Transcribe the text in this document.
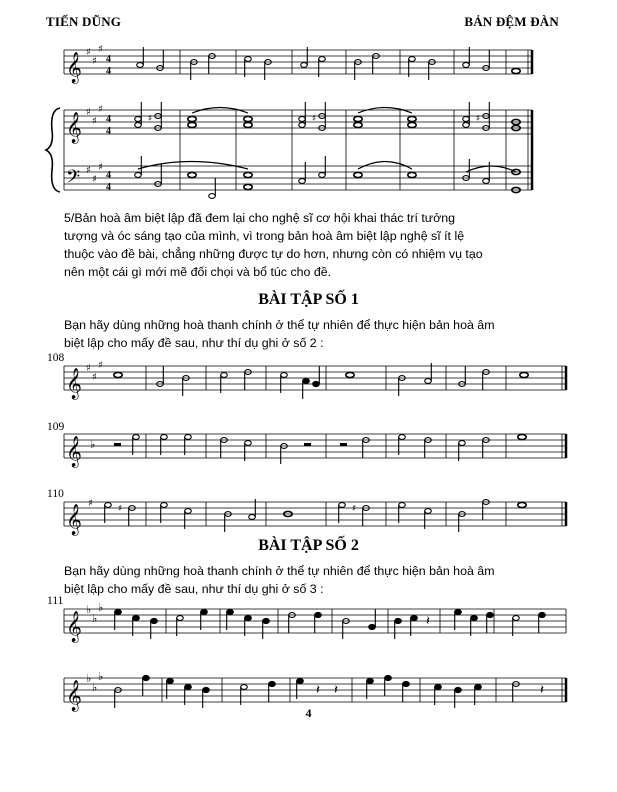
TIẾN DŨNG	BẢN ĐỆM ĐÀN
𝄞 ♯
♯
♯
4
4
𝄞 ♯
♯
♯
4
4
𝄢 ♯
♯
♯
4
4
♯	♯	♯
5/Bản hoà âm biệt lập đã đem lại cho nghệ sĩ cơ hội khai thác trí tưởng
tượng và óc sáng tạo của mình, vì trong bản hoà âm biệt lập nghệ sĩ ít lệ
thuộc vào đề bài, chẳng những được tự do hơn, nhưng còn có nhiệm vụ tạo
nên một cái gì mới mẽ đối chọi và bổ túc cho đề.
BÀI TẬP SỐ 1
Bạn hãy dùng những hoà thanh chính ở thể tự nhiên để thực hiện bản hoà âm
biệt lập cho mấy đề sau, như thí dụ ghi ở số 2 :
108
𝄞 ♯
♯
♯
109
𝄞 ♭
110
𝄞
♯	♯	♯
BÀI TẬP SỐ 2
Bạn hãy dùng những hoà thanh chính ở thể tự nhiên để thực hiện bản hoà âm
biệt lập cho mấy đề sau, như thí dụ ghi ở số 3 :
111
𝄞
♭
♭
♭
𝄽
𝄞
♭
♭
♭
𝄽 𝄽	𝄽
4
